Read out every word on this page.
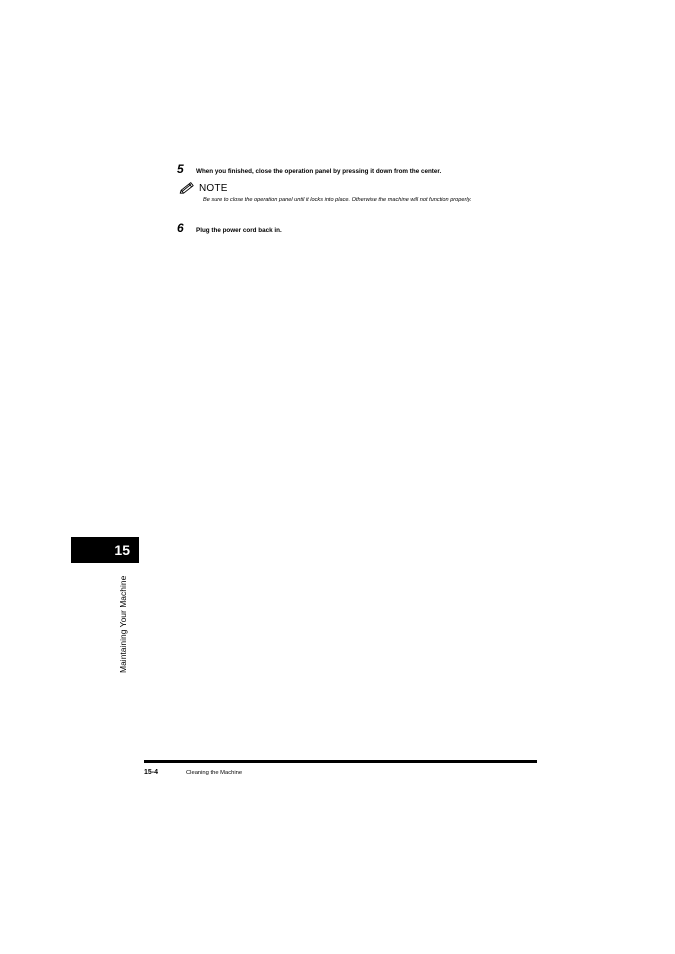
5	When you finished, close the operation panel by pressing it down from the center.
NOTE
Be sure to close the operation panel until it locks into place. Otherwise the machine will not function properly.
6	Plug the power cord back in.
15
Maintaining Your Machine
15-4	Cleaning the Machine
